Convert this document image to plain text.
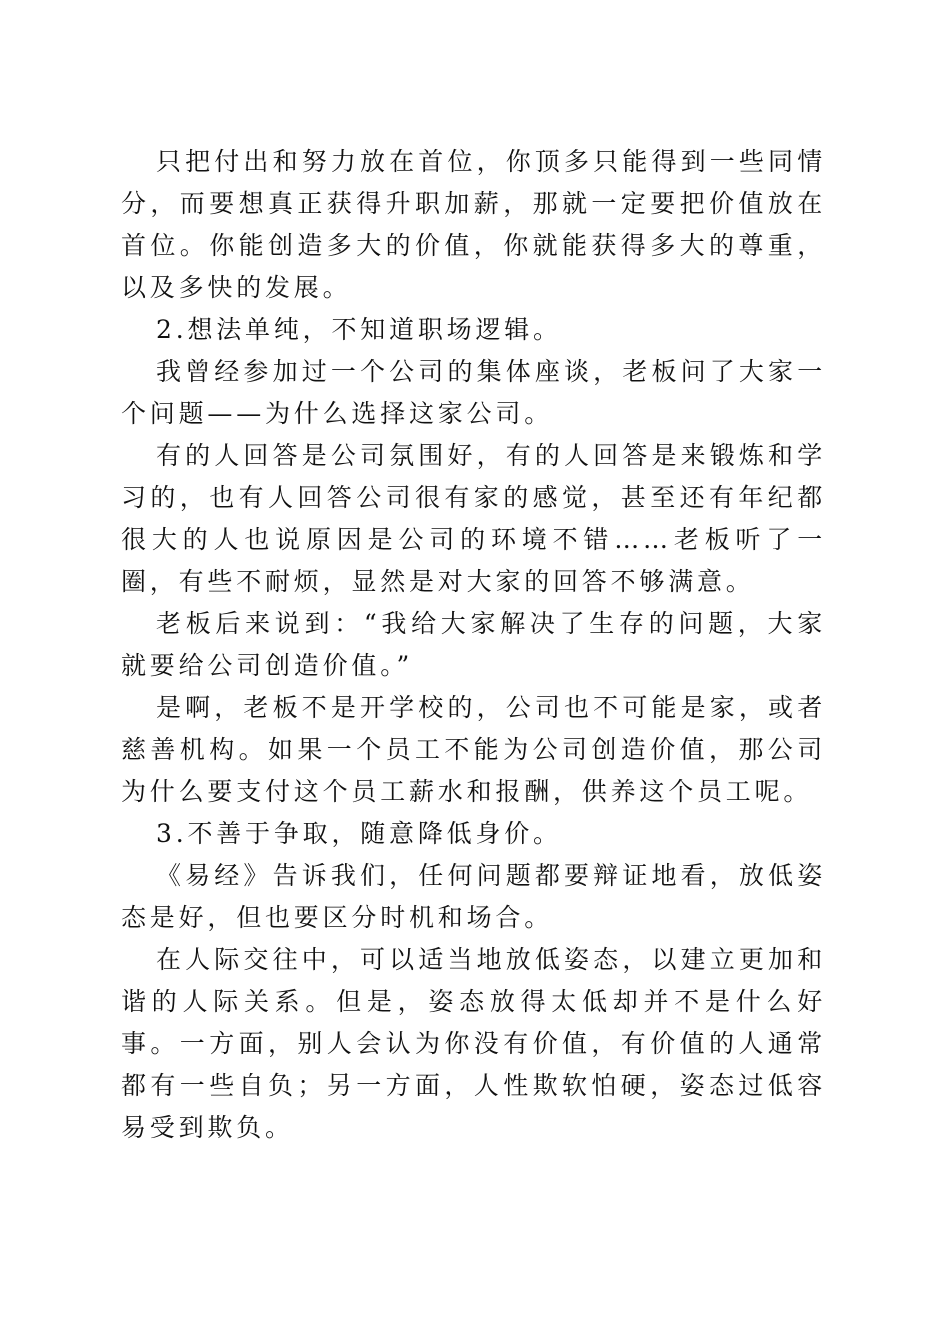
只把付出和努力放在首位，你顶多只能得到一些同情分，而要想真正获得升职加薪，那就一定要把价值放在首位。你能创造多大的价值，你就能获得多大的尊重，以及多快的发展。

2.想法单纯，不知道职场逻辑。

我曾经参加过一个公司的集体座谈，老板问了大家一个问题——为什么选择这家公司。

有的人回答是公司氛围好，有的人回答是来锻炼和学习的，也有人回答公司很有家的感觉，甚至还有年纪都很大的人也说原因是公司的环境不错……老板听了一圈，有些不耐烦，显然是对大家的回答不够满意。

老板后来说到：“我给大家解决了生存的问题，大家就要给公司创造价值。”

是啊，老板不是开学校的，公司也不可能是家，或者慈善机构。如果一个员工不能为公司创造价值，那公司为什么要支付这个员工薪水和报酬，供养这个员工呢。

3.不善于争取，随意降低身价。

《易经》告诉我们，任何问题都要辩证地看，放低姿态是好，但也要区分时机和场合。

在人际交往中，可以适当地放低姿态，以建立更加和谐的人际关系。但是，姿态放得太低却并不是什么好事。一方面，别人会认为你没有价值，有价值的人通常都有一些自负；另一方面，人性欺软怕硬，姿态过低容易受到欺负。
